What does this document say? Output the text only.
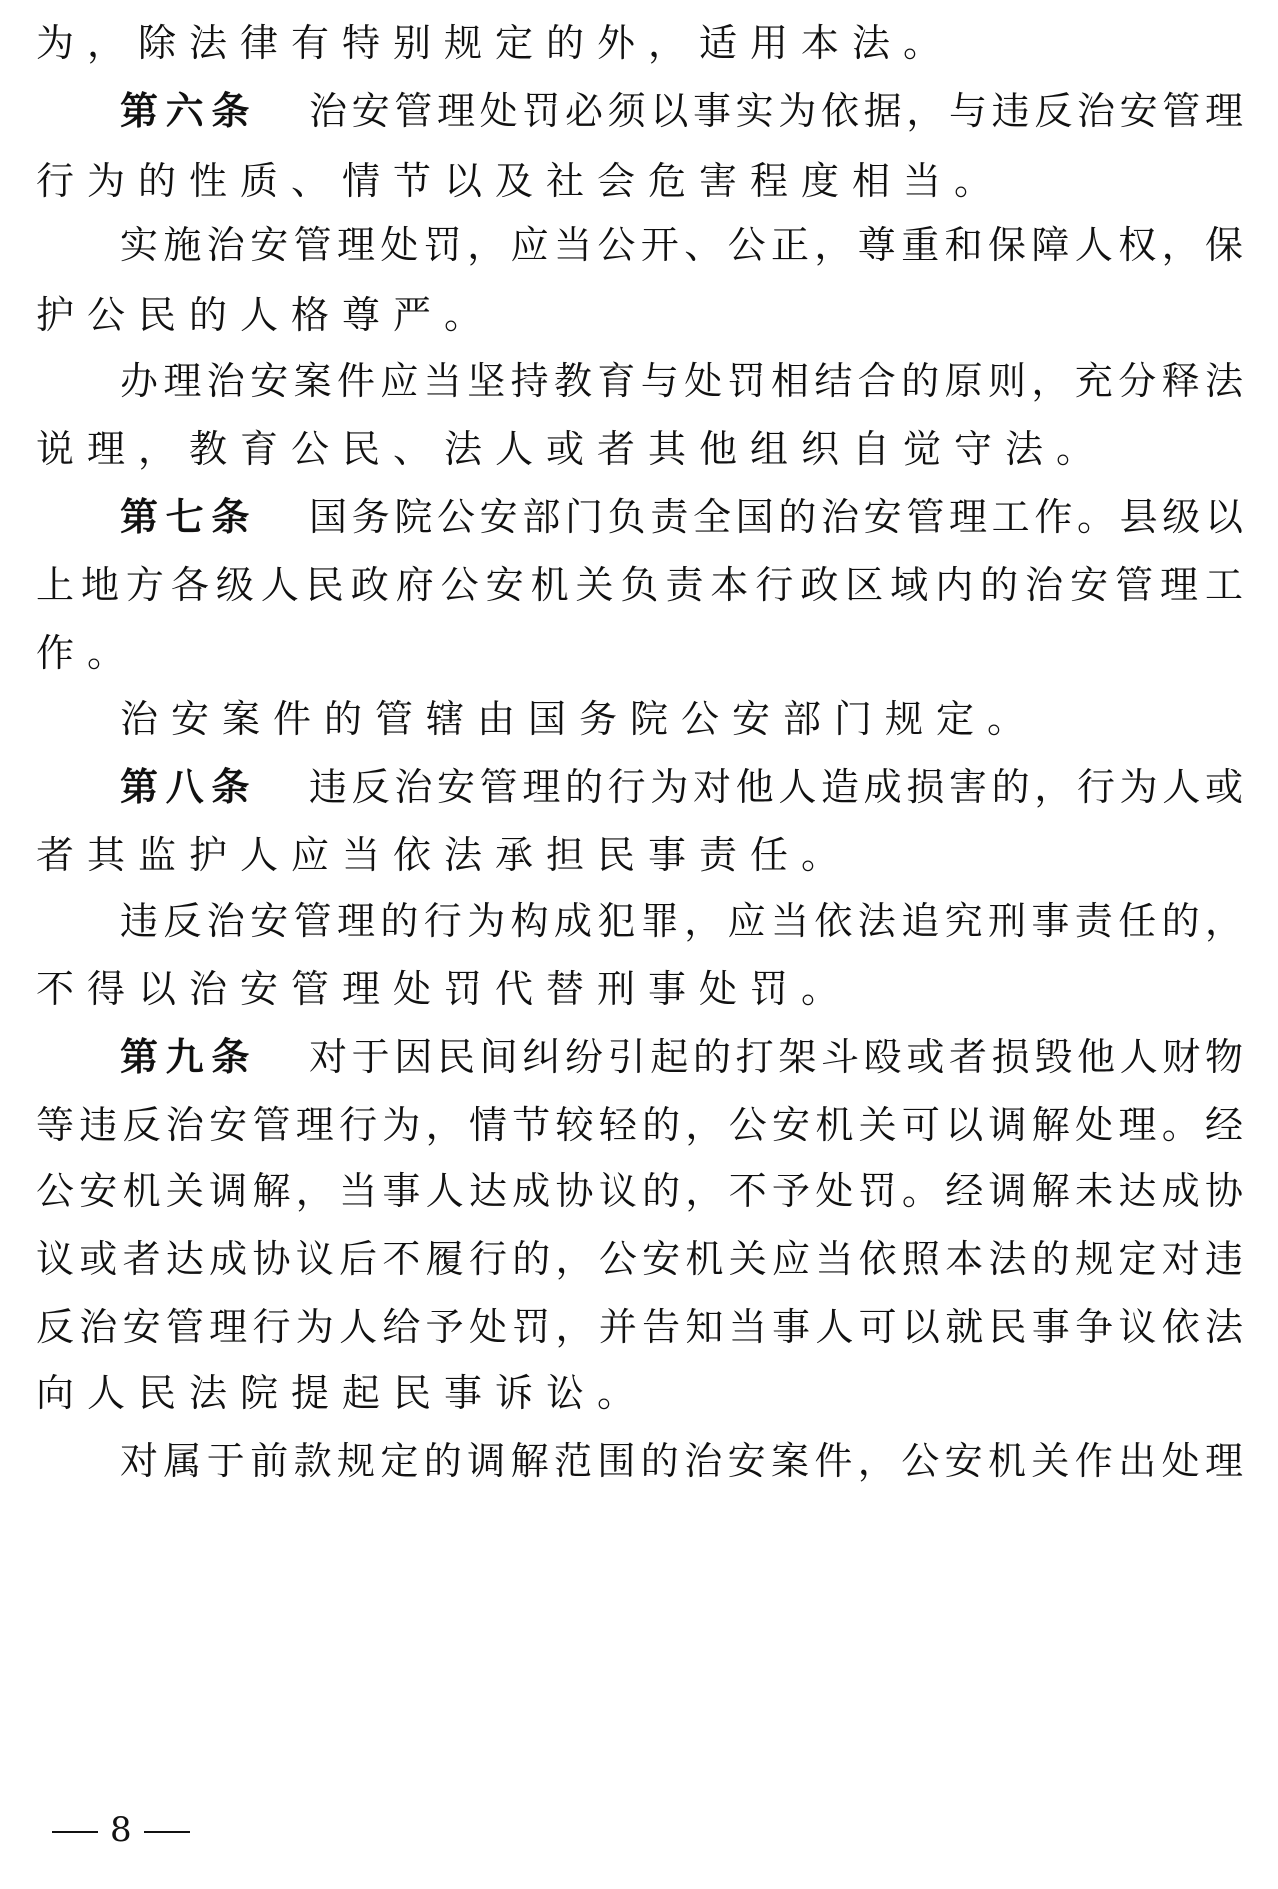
为，除法律有特别规定的外，适用本法。
第六条 治安管理处罚必须以事实为依据，与违反治安管理
行为的性质、情节以及社会危害程度相当。
实施治安管理处罚，应当公开、公正，尊重和保障人权，保
护公民的人格尊严。
办理治安案件应当坚持教育与处罚相结合的原则，充分释法
说理，教育公民、法人或者其他组织自觉守法。
第七条 国务院公安部门负责全国的治安管理工作。县级以
上地方各级人民政府公安机关负责本行政区域内的治安管理工
作。
治安案件的管辖由国务院公安部门规定。
第八条 违反治安管理的行为对他人造成损害的，行为人或
者其监护人应当依法承担民事责任。
违反治安管理的行为构成犯罪，应当依法追究刑事责任的，
不得以治安管理处罚代替刑事处罚。
第九条 对于因民间纠纷引起的打架斗殴或者损毁他人财物
等违反治安管理行为，情节较轻的，公安机关可以调解处理。经
公安机关调解，当事人达成协议的，不予处罚。经调解未达成协
议或者达成协议后不履行的，公安机关应当依照本法的规定对违
反治安管理行为人给予处罚，并告知当事人可以就民事争议依法
向人民法院提起民事诉讼。
对属于前款规定的调解范围的治安案件，公安机关作出处理
8
